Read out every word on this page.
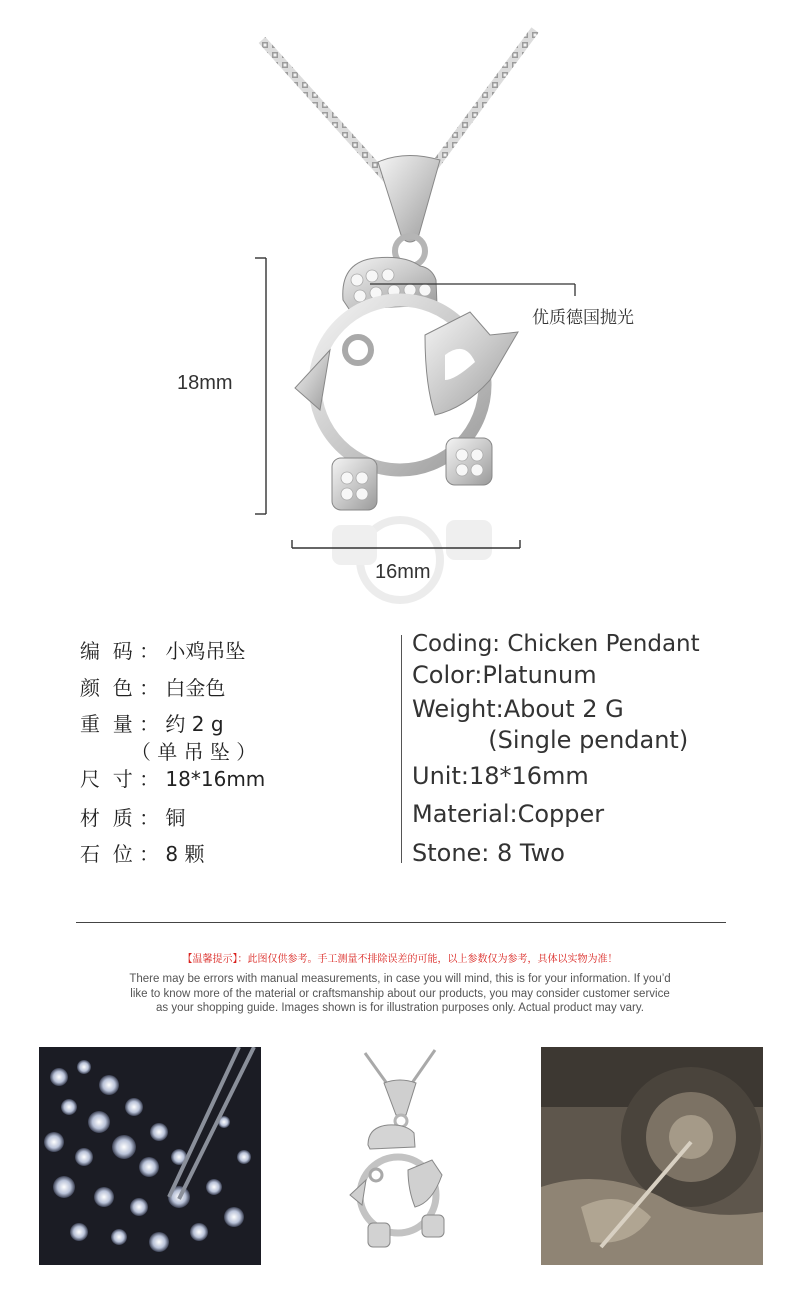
18mm
16mm
优质德国抛光
编  码 ： 小鸡吊坠
颜  色 ： 白金色
重  量 ： 约 2 g
（ 单 吊 坠 ）
尺  寸 ： 18*16mm
材  质 ： 铜
石  位 ： 8 颗
Coding: Chicken Pendant
Color:Platunum
Weight:About 2 G
(Single pendant)
Unit:18*16mm
Material:Copper
Stone: 8 Two
【温馨提示】：此图仅供参考。手工测量不排除误差的可能，以上参数仅为参考，具体以实物为准！
There may be errors with manual measurements, in case you will mind, this is for your information. If you’d
like to know more of the material or craftsmanship about our products, you may consider customer service
as your shopping guide. Images shown is for illustration purposes only. Actual product may vary.
